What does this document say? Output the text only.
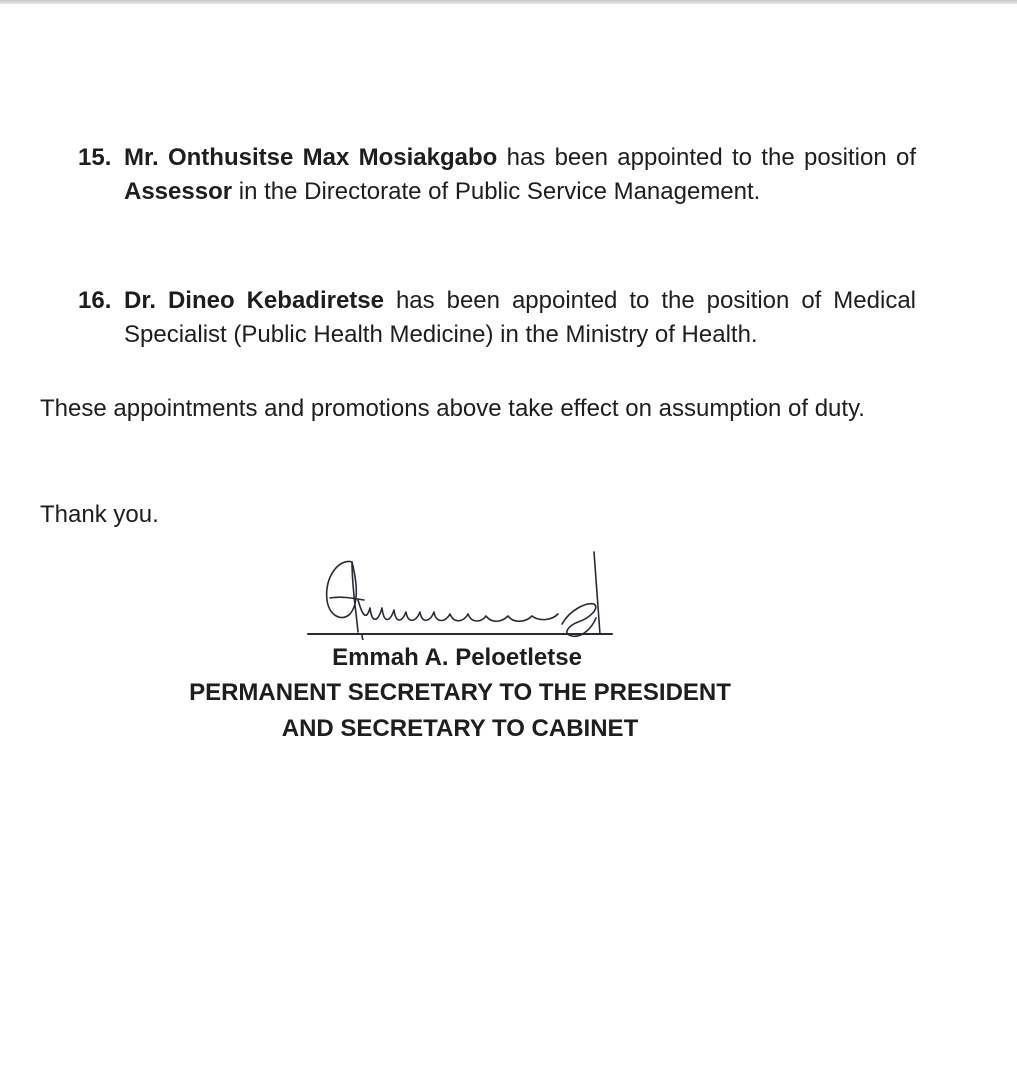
15. Mr. Onthusitse Max Mosiakgabo has been appointed to the position of Assessor in the Directorate of Public Service Management.
16. Dr. Dineo Kebadiretse has been appointed to the position of Medical Specialist (Public Health Medicine) in the Ministry of Health.
These appointments and promotions above take effect on assumption of duty.
Thank you.
Emmah A. Peloetletse
PERMANENT SECRETARY TO THE PRESIDENT
AND SECRETARY TO CABINET
